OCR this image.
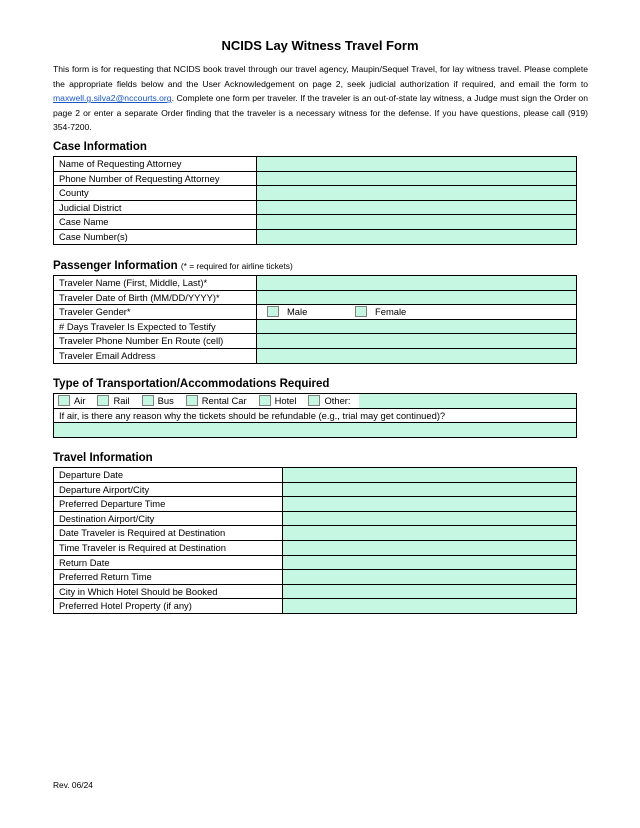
NCIDS Lay Witness Travel Form
This form is for requesting that NCIDS book travel through our travel agency, Maupin/Sequel Travel, for lay witness travel. Please complete the appropriate fields below and the User Acknowledgement on page 2, seek judicial authorization if required, and email the form to maxwell.g.silva2@nccourts.org. Complete one form per traveler. If the traveler is an out-of-state lay witness, a Judge must sign the Order on page 2 or enter a separate Order finding that the traveler is a necessary witness for the defense. If you have questions, please call (919) 354-7200.
Case Information
Name of Requesting Attorney	
Phone Number of Requesting Attorney	
County	
Judicial District	
Case Name	
Case Number(s)	
Passenger Information (* = required for airline tickets)
Traveler Name (First, Middle, Last)*	
Traveler Date of Birth (MM/DD/YYYY)*	
Traveler Gender*	Male Female

# Days Traveler Is Expected to Testify	
Traveler Phone Number En Route (cell)	
Traveler Email Address	
Type of Transportation/Accommodations Required
Air	Rail	Bus	Rental Car	Hotel	Other:

If air, is there any reason why the tickets should be refundable (e.g., trial may get continued)?

Travel Information
Departure Date	
Departure Airport/City	
Preferred Departure Time	
Destination Airport/City	
Date Traveler is Required at Destination	
Time Traveler is Required at Destination	
Return Date	
Preferred Return Time	
City in Which Hotel Should be Booked	
Preferred Hotel Property (if any)	
Rev. 06/24
